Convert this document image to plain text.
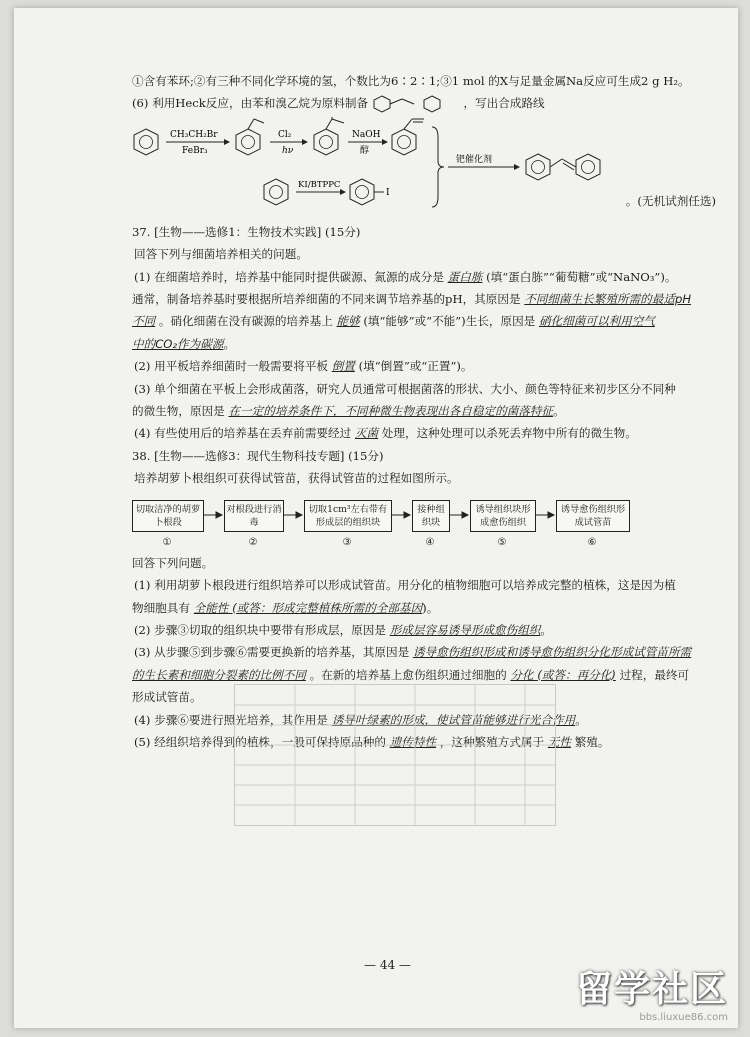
①含有苯环;②有三种不同化学环境的氢，个数比为6∶2∶1;③1 mol 的X与足量金属Na反应可生成2 g H₂。
(6) 利用Heck反应，由苯和溴乙烷为原料制备	，写出合成路线
CH₃CH₂Br
FeBr₃
Cl₂
hν
NaOH
醇
KI/BTPPC
I
钯催化剂
。(无机试剂任选)
37. [生物——选修1：生物技术实践] (15分)
回答下列与细菌培养相关的问题。
(1) 在细菌培养时，培养基中能同时提供碳源、氮源的成分是 蛋白胨 (填“蛋白胨”“葡萄糖”或“NaNO₃”)。
通常，制备培养基时要根据所培养细菌的不同来调节培养基的pH，其原因是 不同细菌生长繁殖所需的最适pH
不同 。硝化细菌在没有碳源的培养基上 能够 (填“能够”或“不能”)生长，原因是 硝化细菌可以利用空气
中的CO₂作为碳源。
(2) 用平板培养细菌时一般需要将平板 倒置 (填“倒置”或“正置”)。
(3) 单个细菌在平板上会形成菌落，研究人员通常可根据菌落的形状、大小、颜色等特征来初步区分不同种
的微生物，原因是 在一定的培养条件下，不同种微生物表现出各自稳定的菌落特征。
(4) 有些使用后的培养基在丢弃前需要经过 灭菌 处理，这种处理可以杀死丢弃物中所有的微生物。
38. [生物——选修3：现代生物科技专题] (15分)
培养胡萝卜根组织可获得试管苗，获得试管苗的过程如图所示。
切取洁净的胡萝卜根段
①
对根段进行消毒
②
切取1cm³左右带有形成层的组织块
③
接种组织块
④
诱导组织块形成愈伤组织
⑤
诱导愈伤组织形成试管苗
⑥
回答下列问题。
(1) 利用胡萝卜根段进行组织培养可以形成试管苗。用分化的植物细胞可以培养成完整的植株，这是因为植
物细胞具有 全能性 (或答：形成完整植株所需的全部基因)。
(2) 步骤③切取的组织块中要带有形成层，原因是 形成层容易诱导形成愈伤组织。
(3) 从步骤⑤到步骤⑥需要更换新的培养基，其原因是 诱导愈伤组织形成和诱导愈伤组织分化形成试管苗所需
的生长素和细胞分裂素的比例不同 。在新的培养基上愈伤组织通过细胞的 分化 (或答：再分化) 过程，最终可
形成试管苗。
(4) 步骤⑥要进行照光培养，其作用是 诱导叶绿素的形成，使试管苗能够进行光合作用。
(5) 经组织培养得到的植株，一般可保持原品种的 遗传特性 ，这种繁殖方式属于 无性 繁殖。
— 44 —
留学社区
bbs.liuxue86.com
